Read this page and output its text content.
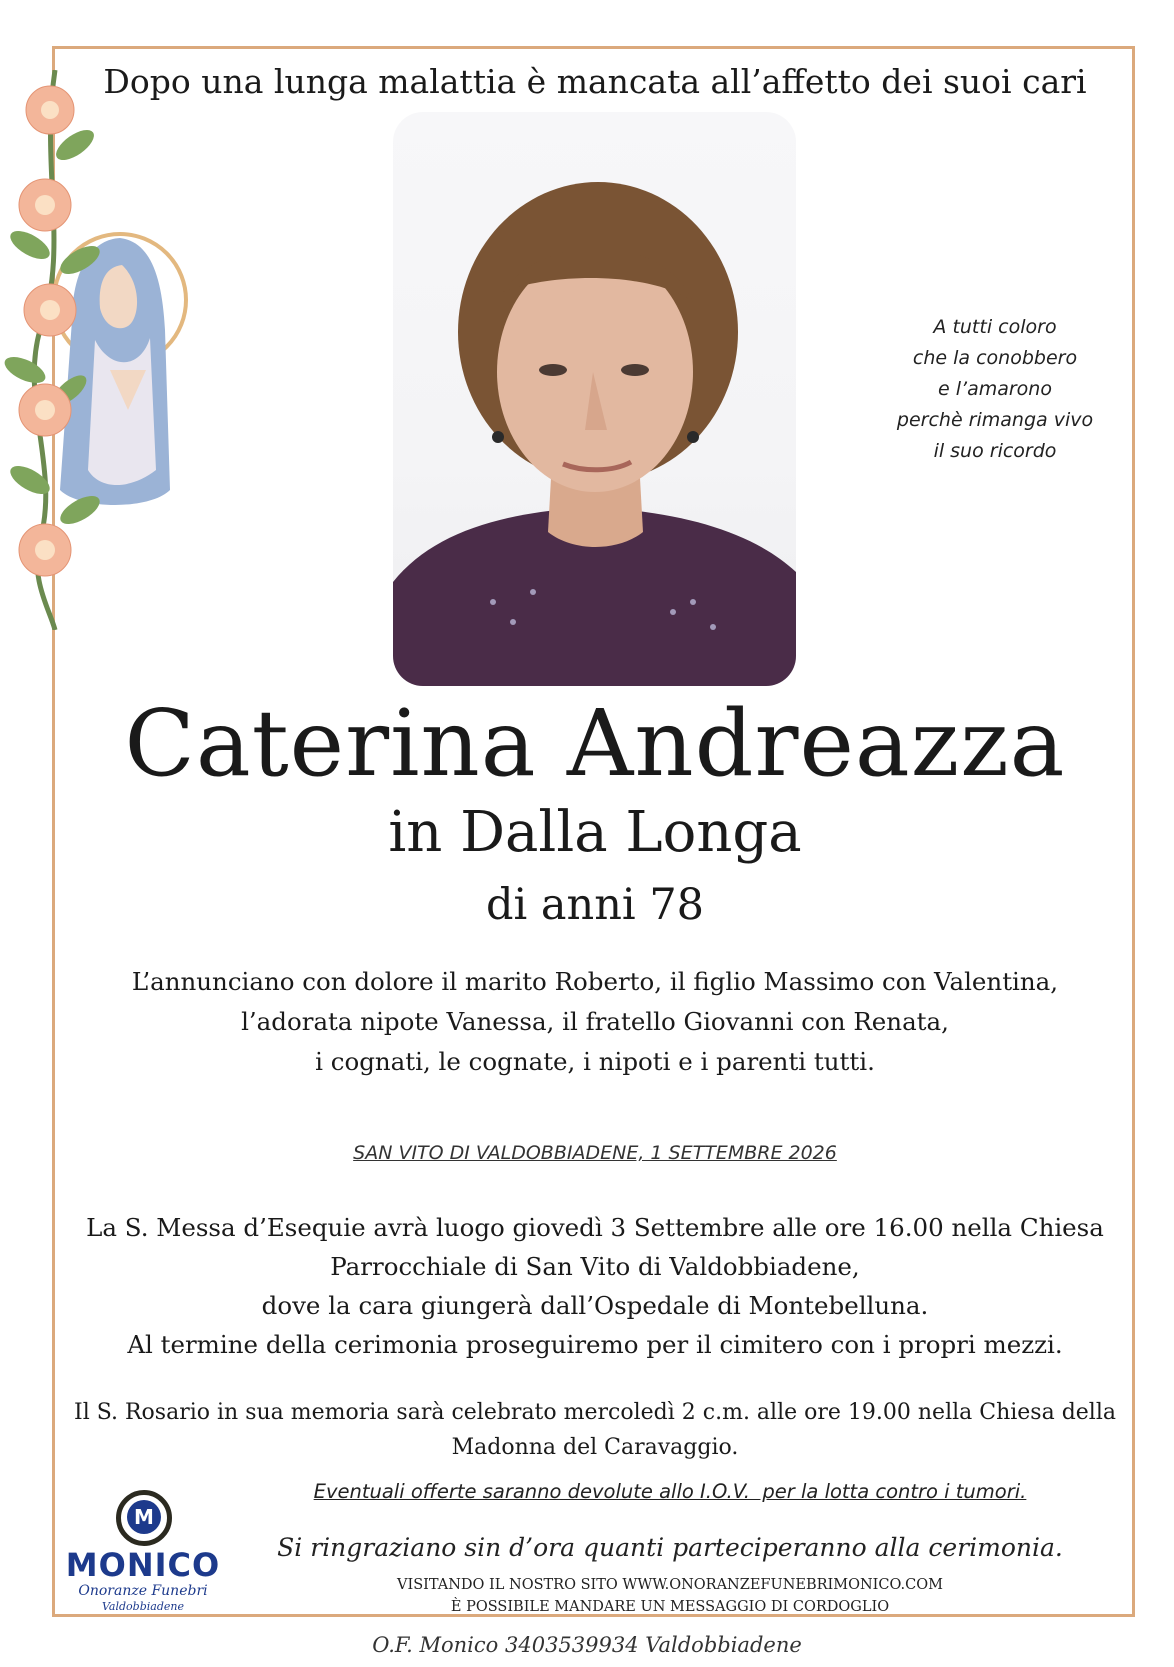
Dopo una lunga malattia è mancata all’affetto dei suoi cari
A tutti coloro
che la conobbero
e l’amarono
perchè rimanga vivo
il suo ricordo
Caterina Andreazza
in Dalla Longa
di anni 78
L’annunciano con dolore il marito Roberto, il figlio Massimo con Valentina,
l’adorata nipote Vanessa, il fratello Giovanni con Renata,
i cognati, le cognate, i nipoti e i parenti tutti.
SAN VITO DI VALDOBBIADENE, 1 SETTEMBRE 2026
La S. Messa d’Esequie avrà luogo giovedì 3 Settembre alle ore 16.00 nella Chiesa
Parrocchiale di San Vito di Valdobbiadene,
dove la cara giungerà dall’Ospedale di Montebelluna.
Al termine della cerimonia proseguiremo per il cimitero con i propri mezzi.
Il S. Rosario in sua memoria sarà celebrato mercoledì 2 c.m. alle ore 19.00 nella Chiesa della
Madonna del Caravaggio.
Eventuali offerte saranno devolute allo I.O.V.  per la lotta contro i tumori.
M
MONICO
Onoranze Funebri
Valdobbiadene
Si ringraziano sin d’ora quanti parteciperanno alla cerimonia.
VISITANDO IL NOSTRO SITO WWW.ONORANZEFUNEBRIMONICO.COM
È POSSIBILE MANDARE UN MESSAGGIO DI CORDOGLIO
O.F. Monico 3403539934 Valdobbiadene
